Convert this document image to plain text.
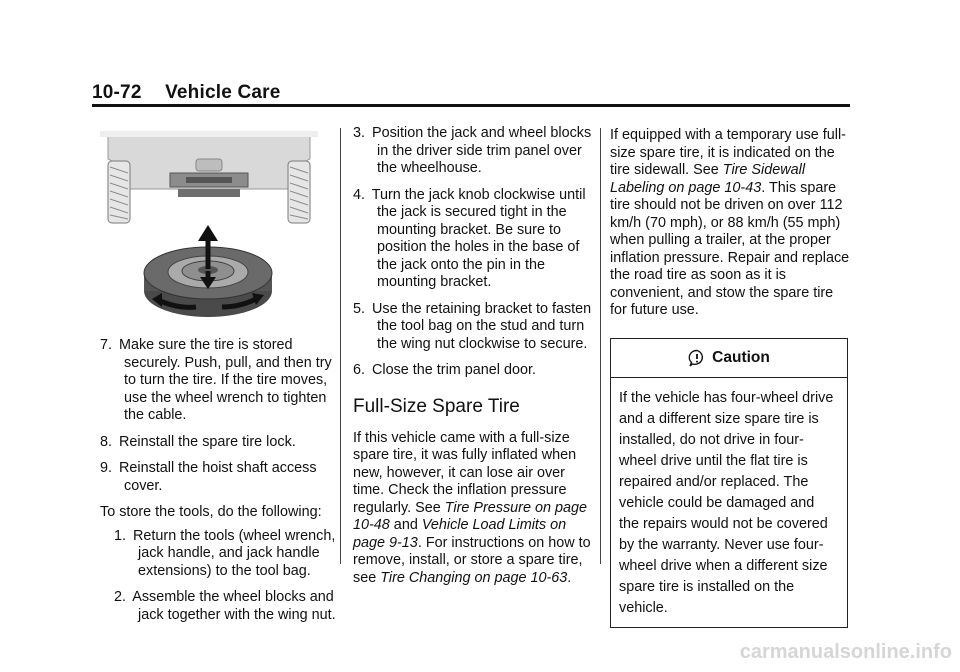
10-72 Vehicle Care
7. Make sure the tire is stored securely. Push, pull, and then try to turn the tire. If the tire moves, use the wheel wrench to tighten the cable.
8. Reinstall the spare tire lock.
9. Reinstall the hoist shaft access cover.

To store the tools, do the following:

1. Return the tools (wheel wrench, jack handle, and jack handle extensions) to the tool bag.
2. Assemble the wheel blocks and jack together with the wing nut.
3. Position the jack and wheel blocks in the driver side trim panel over the wheelhouse.
4. Turn the jack knob clockwise until the jack is secured tight in the mounting bracket. Be sure to position the holes in the base of the jack onto the pin in the mounting bracket.
5. Use the retaining bracket to fasten the tool bag on the stud and turn the wing nut clockwise to secure.
6. Close the trim panel door.
Full-Size Spare Tire

If this vehicle came with a full-size spare tire, it was fully inflated when new, however, it can lose air over time. Check the inflation pressure regularly. See Tire Pressure on page 10-48 and Vehicle Load Limits on page 9-13. For instructions on how to remove, install, or store a spare tire, see Tire Changing on page 10-63.

If equipped with a temporary use full-size spare tire, it is indicated on the tire sidewall. See Tire Sidewall Labeling on page 10-43. This spare tire should not be driven on over 112 km/h (70 mph), or 88 km/h (55 mph) when pulling a trailer, at the proper inflation pressure. Repair and replace the road tire as soon as it is convenient, and stow the spare tire for future use.

Caution
If the vehicle has four-wheel drive and a different size spare tire is installed, do not drive in four-wheel drive until the flat tire is repaired and/or replaced. The vehicle could be damaged and the repairs would not be covered by the warranty. Never use four-wheel drive when a different size spare tire is installed on the vehicle.
carmanualsonline.info
